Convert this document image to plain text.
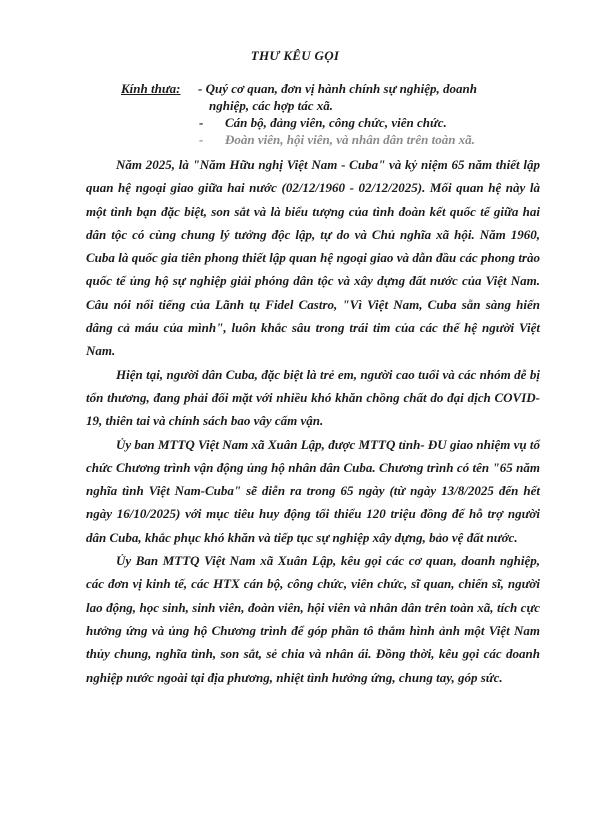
THƯ KÊU GỌI
Kính thưa:	- Quý cơ quan, đơn vị hành chính sự nghiệp, doanh
nghiệp, các hợp tác xã.
-	Cán bộ, đảng viên, công chức, viên chức.
-	Đoàn viên, hội viên, và nhân dân trên toàn xã.

Năm 2025, là "Năm Hữu nghị Việt Nam - Cuba" và kỷ niệm 65 năm thiết lập quan hệ ngoại giao giữa hai nước (02/12/1960 - 02/12/2025). Mối quan hệ này là một tình bạn đặc biệt, son sắt và là biểu tượng của tình đoàn kết quốc tế giữa hai dân tộc có cùng chung lý tưởng độc lập, tự do và Chủ nghĩa xã hội. Năm 1960, Cuba là quốc gia tiên phong thiết lập quan hệ ngoại giao và dẫn đầu các phong trào quốc tế ủng hộ sự nghiệp giải phóng dân tộc và xây dựng đất nước của Việt Nam. Câu nói nổi tiếng của Lãnh tụ Fidel Castro, "Vì Việt Nam, Cuba sẵn sàng hiến dâng cả máu của mình", luôn khắc sâu trong trái tim của các thế hệ người Việt Nam.

Hiện tại, người dân Cuba, đặc biệt là trẻ em, người cao tuổi và các nhóm dễ bị tổn thương, đang phải đối mặt với nhiều khó khăn chồng chất do đại dịch COVID-19, thiên tai và chính sách bao vây cấm vận.

Ủy ban MTTQ Việt Nam xã Xuân Lập, được MTTQ tỉnh- ĐU giao nhiệm vụ tổ chức Chương trình vận động ủng hộ nhân dân Cuba. Chương trình có tên "65 năm nghĩa tình Việt Nam-Cuba" sẽ diễn ra trong 65 ngày (từ ngày 13/8/2025 đến hết ngày 16/10/2025) với mục tiêu huy động tối thiểu 120 triệu đồng để hỗ trợ người dân Cuba, khắc phục khó khăn và tiếp tục sự nghiệp xây dựng, bảo vệ đất nước.

Ủy Ban MTTQ Việt Nam xã Xuân Lập, kêu gọi các cơ quan, doanh nghiệp, các đơn vị kinh tế, các HTX cán bộ, công chức, viên chức, sĩ quan, chiến sĩ, người lao động, học sinh, sinh viên, đoàn viên, hội viên và nhân dân trên toàn xã, tích cực hưởng ứng và ủng hộ Chương trình để góp phần tô thắm hình ảnh một Việt Nam thủy chung, nghĩa tình, son sắt, sẻ chia và nhân ái. Đồng thời, kêu gọi các doanh nghiệp nước ngoài tại địa phương, nhiệt tình hưởng ứng, chung tay, góp sức.
